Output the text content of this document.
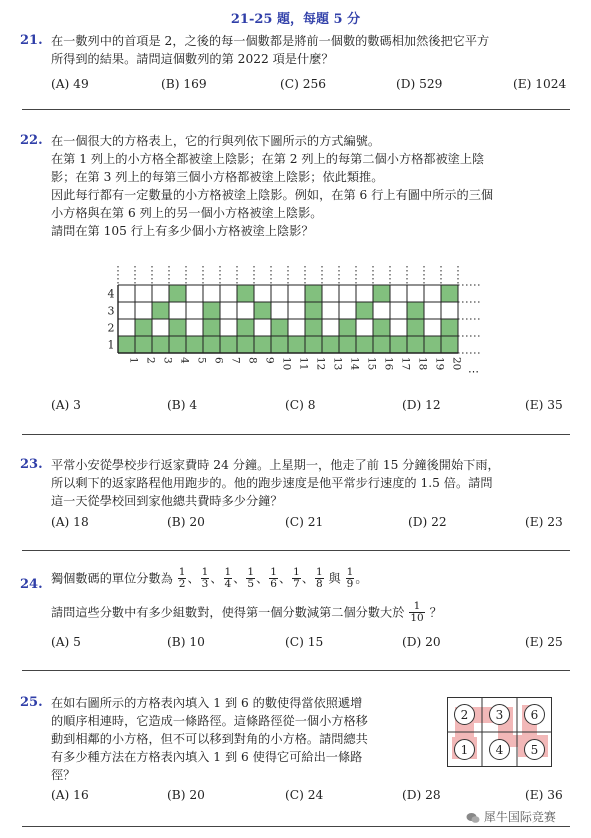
21-25 題，每題 5 分
21. 在一數列中的首項是 2，之後的每一個數都是將前一個數的數碼相加然後把它平方
所得到的結果。請問這個數列的第 2022 項是什麼？
(A) 49	(B) 169	(C) 256	(D) 529	(E) 1024
22. 在一個很大的方格表上，它的行與列依下圖所示的方式編號。
在第 1 列上的小方格全都被塗上陰影；在第 2 列上的每第二個小方格都被塗上陰
影；在第 3 列上的每第三個小方格都被塗上陰影；依此類推。
因此每行都有一定數量的小方格被塗上陰影。例如，在第 6 行上有圖中所示的三個
小方格與在第 6 列上的另一個小方格被塗上陰影。
請問在第 105 行上有多少個小方格被塗上陰影？
4
3
2
1
1 2 3 4 5 6 7 8 9 10 11 12 13 14 15 16 17 18 19 20
⋯
(A) 3	(B) 4	(C) 8	(D) 12	(E) 35
23. 平常小安從學校步行返家費時 24 分鐘。上星期一，他走了前 15 分鐘後開始下雨，
所以剩下的返家路程他用跑步的。他的跑步速度是他平常步行速度的 1.5 倍。請問
這一天從學校回到家他總共費時多少分鐘？
(A) 18	(B) 20	(C) 21	(D) 22	(E) 23
24. 獨個數碼的單位分數為 $\frac{1}{2}$ 、 $\frac{1}{3}$ 、 $\frac{1}{4}$ 、 $\frac{1}{5}$ 、 $\frac{1}{6}$ 、 $\frac{1}{7}$ 、 $\frac{1}{8}$ 與 $\frac{1}{9}$ 。
請問這些分數中有多少組數對，使得第一個分數減第二個分數大於 $\frac{1}{10}$ ？
(A) 5	(B) 10	(C) 15	(D) 20	(E) 25
25. 在如右圖所示的方格表內填入 1 到 6 的數使得當依照遞增
的順序相連時，它造成一條路徑。這條路徑從一個小方格移
動到相鄰的小方格，但不可以移到對角的小方格。請問總共
有多少種方法在方格表內填入 1 到 6 使得它可給出一條路
徑？
2 3 6
1 4 5
(A) 16	(B) 20	(C) 24	(D) 28	(E) 36
犀牛国际竞赛
